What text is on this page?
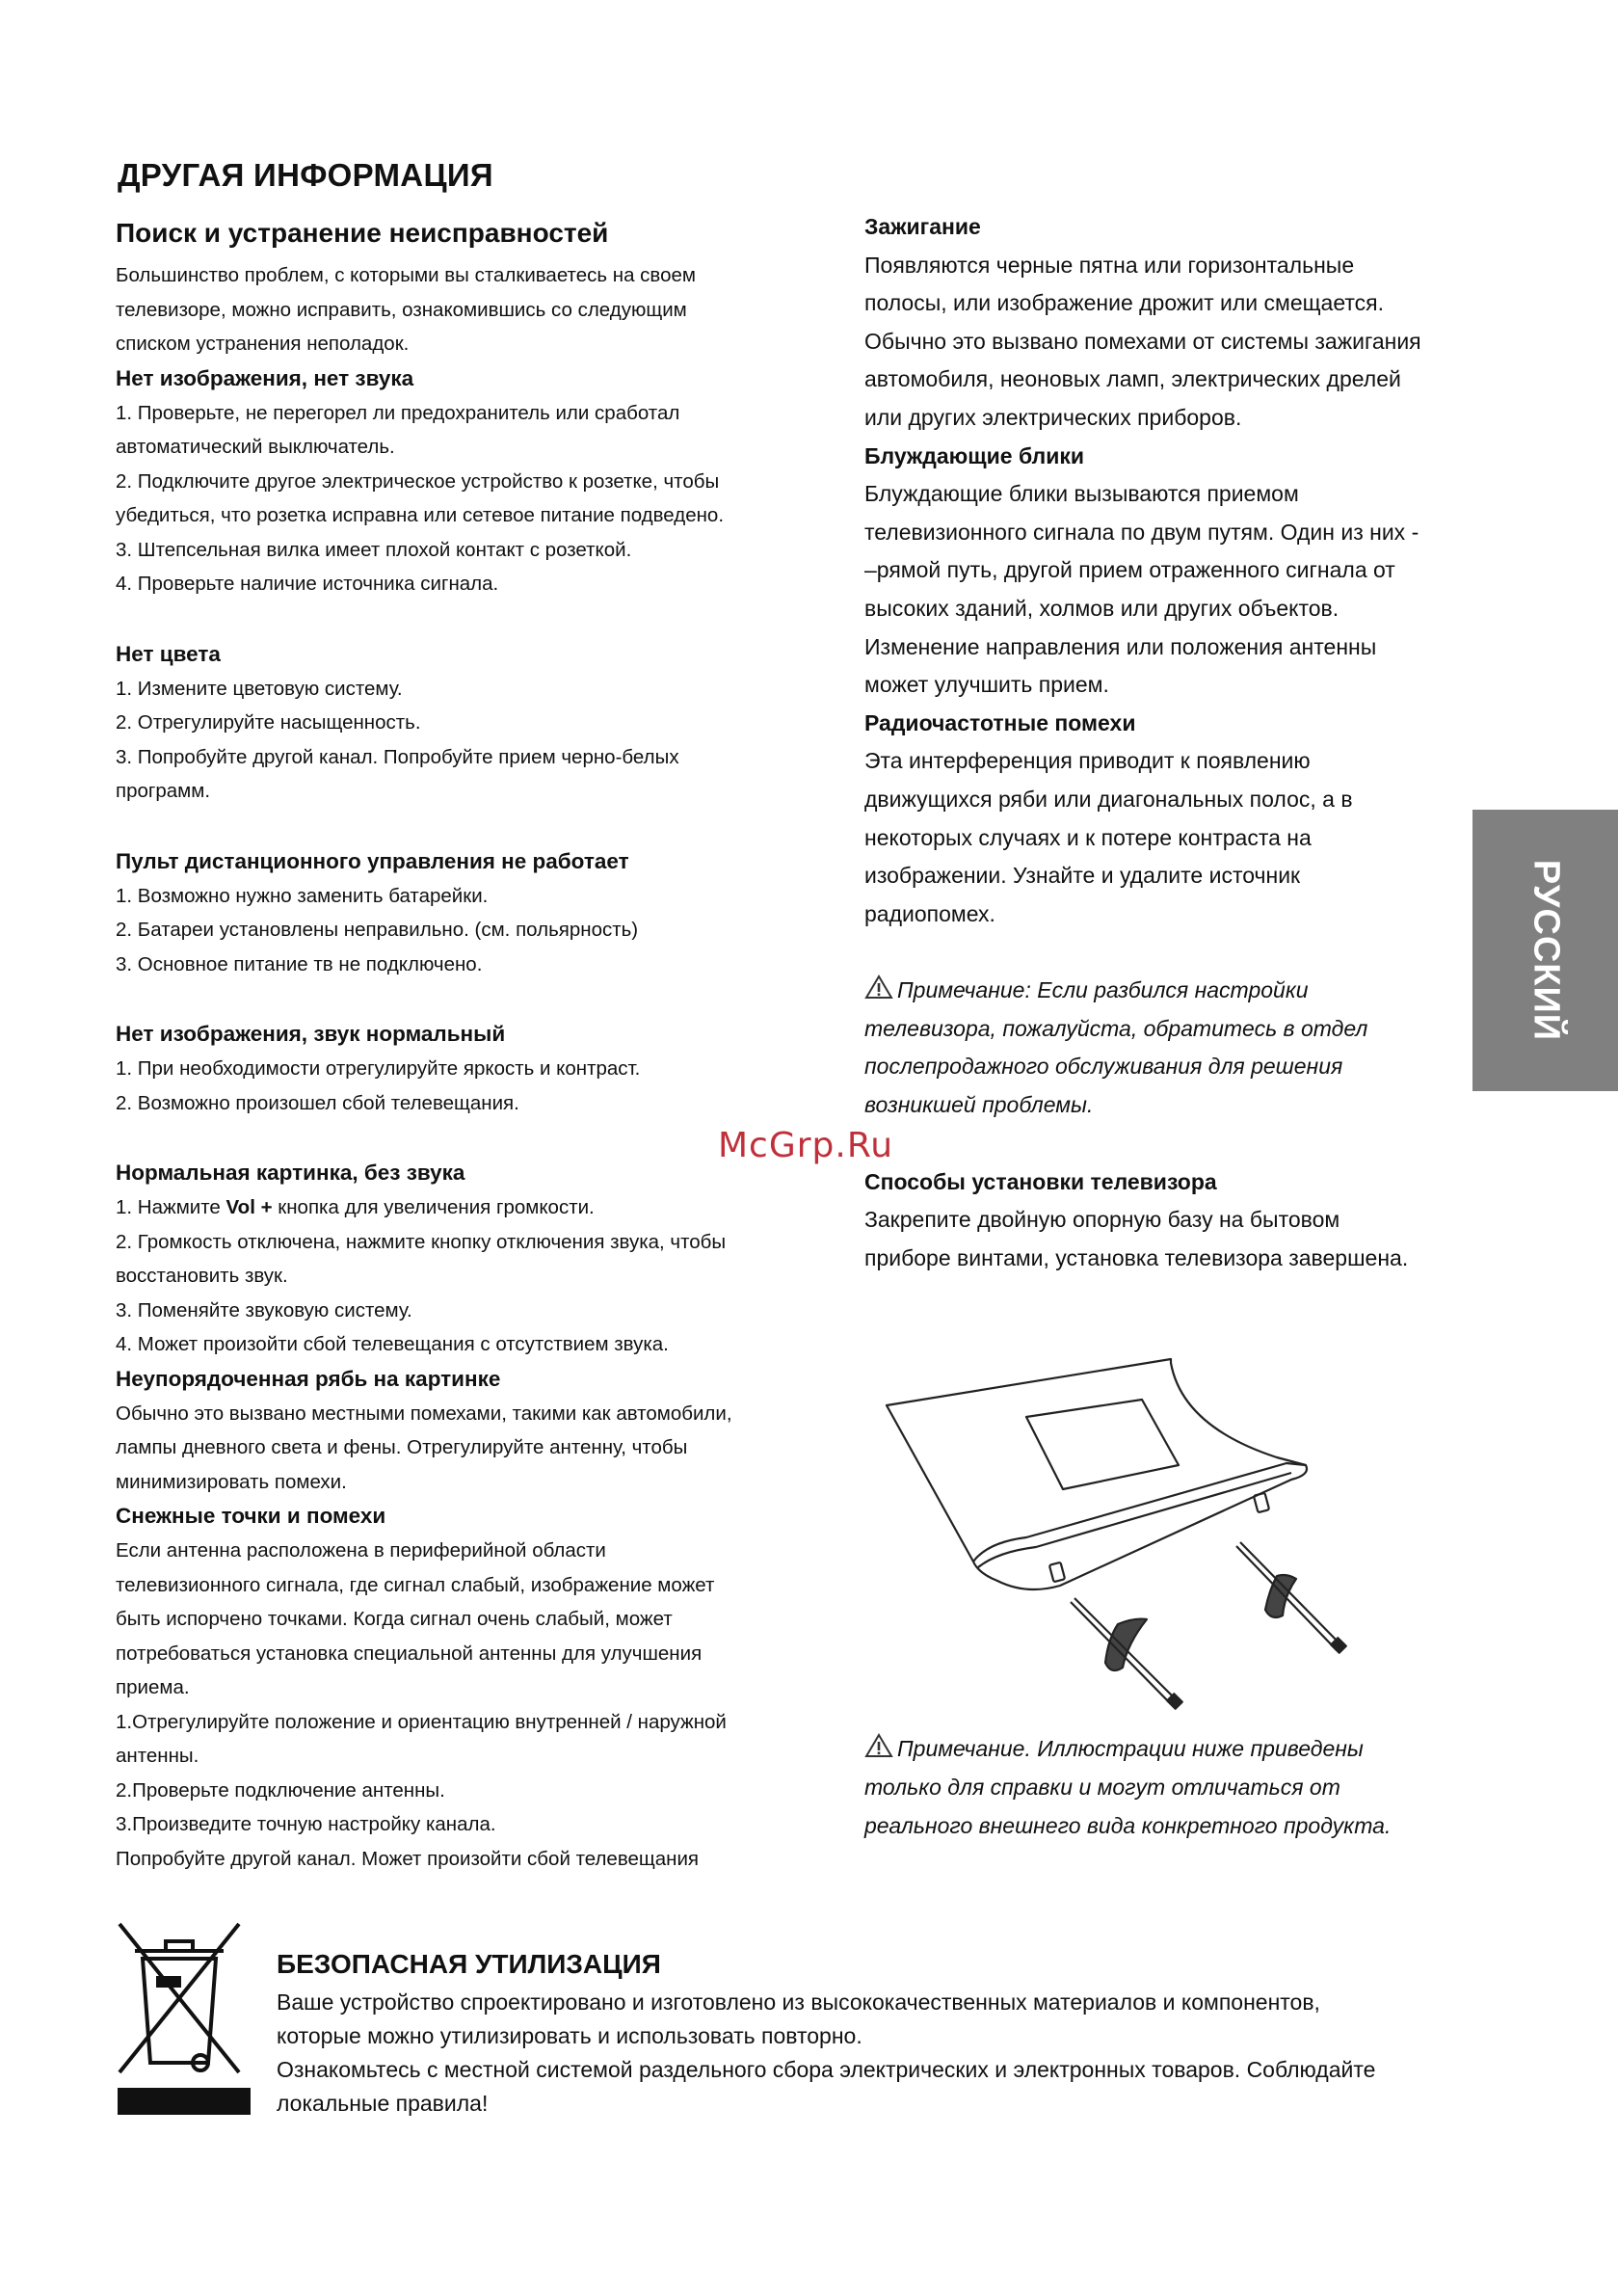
ДРУГАЯ ИНФОРМАЦИЯ
Поиск и устранение неисправностей

Большинство проблем, с которыми вы сталкиваетесь на своем

телевизоре, можно исправить, ознакомившись со следующим

списком устранения неполадок.

Нет изображения, нет звука

1. Проверьте, не перегорел ли предохранитель или сработал

автоматический выключатель.

2. Подключите другое электрическое устройство к розетке, чтобы

убедиться, что розетка исправна или сетевое питание подведено.

3. Штепсельная вилка имеет плохой контакт с розеткой.

4. Проверьте наличие источника сигнала.

Нет цвета

1. Измените цветовую систему.

2. Отрегулируйте насыщенность.

3. Попробуйте другой канал. Попробуйте прием черно-белых

программ.

Пульт дистанционного управления не работает

1. Возможно нужно заменить батарейки.

2. Батареи установлены неправильно. (см. польярность)

3. Основное питание тв не подключено.

Нет изображения, звук нормальный

1. При необходимости отрегулируйте яркость и контраст.

2. Возможно произошел сбой телевещания.

Нормальная картинка, без звука

1. Нажмите Vol + кнопка для увеличения громкости.

2. Громкость отключена, нажмите кнопку отключения звука, чтобы

восстановить звук.

3. Поменяйте звуковую систему.

4. Может произойти сбой телевещания с отсутствием звука.

Неупорядоченная рябь на картинке

Обычно это вызвано местными помехами, такими как автомобили,

лампы дневного света и фены. Отрегулируйте антенну, чтобы

минимизировать помехи.

Снежные точки и помехи

Если антенна расположена в периферийной области

телевизионного сигнала, где сигнал слабый, изображение может

быть испорчено точками. Когда сигнал очень слабый, может

потребоваться установка специальной антенны для улучшения

приема.

1.Отрегулируйте положение и ориентацию внутренней / наружной

антенны.

2.Проверьте подключение антенны.

3.Произведите точную настройку канала.

Попробуйте другой канал. Может произойти сбой телевещания

Зажигание

Появляются черные пятна или горизонтальные

полосы, или изображение дрожит или смещается.

Обычно это вызвано помехами от системы зажигания

автомобиля, неоновых ламп, электрических дрелей

или других электрических приборов.

Блуждающие блики

Блуждающие блики вызываются приемом

телевизионного сигнала по двум путям. Один из них -

–рямой путь, другой прием отраженного сигнала от

высоких зданий, холмов или других объектов.

Изменение направления или положения антенны

может улучшить прием.

Радиочастотные помехи

Эта интерференция приводит к появлению

движущихся ряби или диагональных полос, а в

некоторых случаях и к потере контраста на

изображении. Узнайте и удалите источник

радиопомех.

Примечание: Если разбился настройки

телевизора, пожалуйста, обратитесь в отдел

послепродажного обслуживания для решения

возникшей проблемы.

Способы установки телевизора

Закрепите двойную опорную базу на бытовом

приборе винтами, установка телевизора завершена.

Примечание. Иллюстрации ниже приведены

только для справки и могут отличаться от

реального внешнего вида конкретного продукта.

McGrp.Ru
РУССКИЙ
БЕЗОПАСНАЯ УТИЛИЗАЦИЯ

Ваше устройство спроектировано и изготовлено из высококачественных материалов и компонентов,

которые можно утилизировать и использовать повторно.

Ознакомьтесь с местной системой раздельного сбора электрических и электронных товаров. Соблюдайте

локальные правила!
